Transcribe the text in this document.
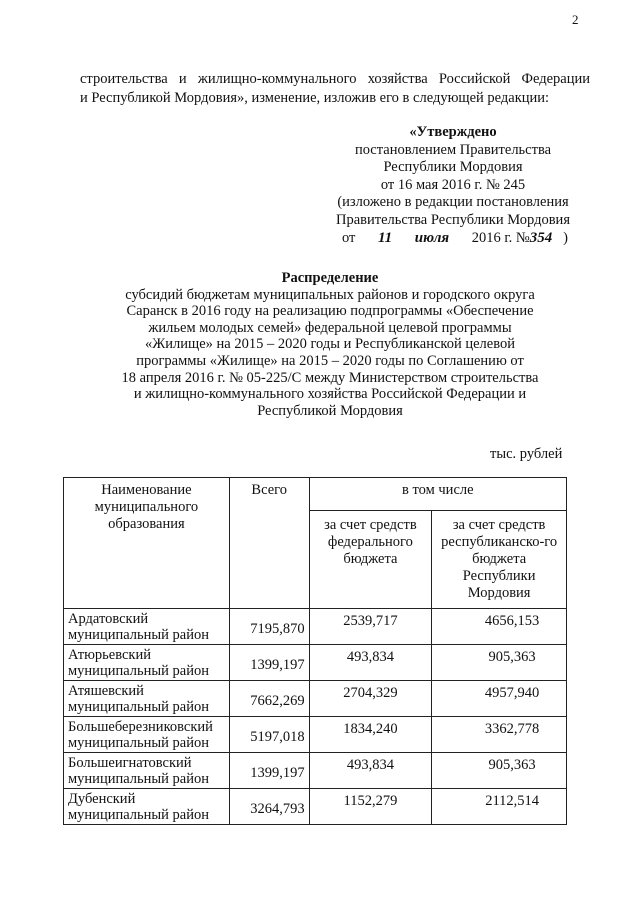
2
строительства и жилищно-коммунального хозяйства Российской Федерации
и Республикой Мордовия», изменение, изложив его в следующей редакции:
«Утверждено
постановлением Правительства
Республики Мордовия
от 16 мая 2016 г. № 245
(изложено в редакции постановления
Правительства Республики Мордовия
от 11 июля 2016 г. №354 )
Распределение
субсидий бюджетам муниципальных районов и городского округа
Саранск в 2016 году на реализацию подпрограммы «Обеспечение
жильем молодых семей» федеральной целевой программы
«Жилище» на 2015 – 2020 годы и Республиканской целевой
программы «Жилище» на 2015 – 2020 годы по Соглашению от
18 апреля 2016 г. № 05-225/С между Министерством строительства
и жилищно-коммунального хозяйства Российской Федерации и
Республикой Мордовия
тыс. рублей
Наименование муниципального образования	Всего	в том числе	
		за счет средств федерального бюджета	за счет средств республиканско-го бюджета Республики Мордовия
Ардатовский муниципальный район	7195,870	2539,717	4656,153
Атюрьевский муниципальный район	1399,197	493,834	905,363
Атяшевский муниципальный район	7662,269	2704,329	4957,940
Большеберезниковский муниципальный район	5197,018	1834,240	3362,778
Большеигнатовский муниципальный район	1399,197	493,834	905,363
Дубенский муниципальный район	3264,793	1152,279	2112,514
